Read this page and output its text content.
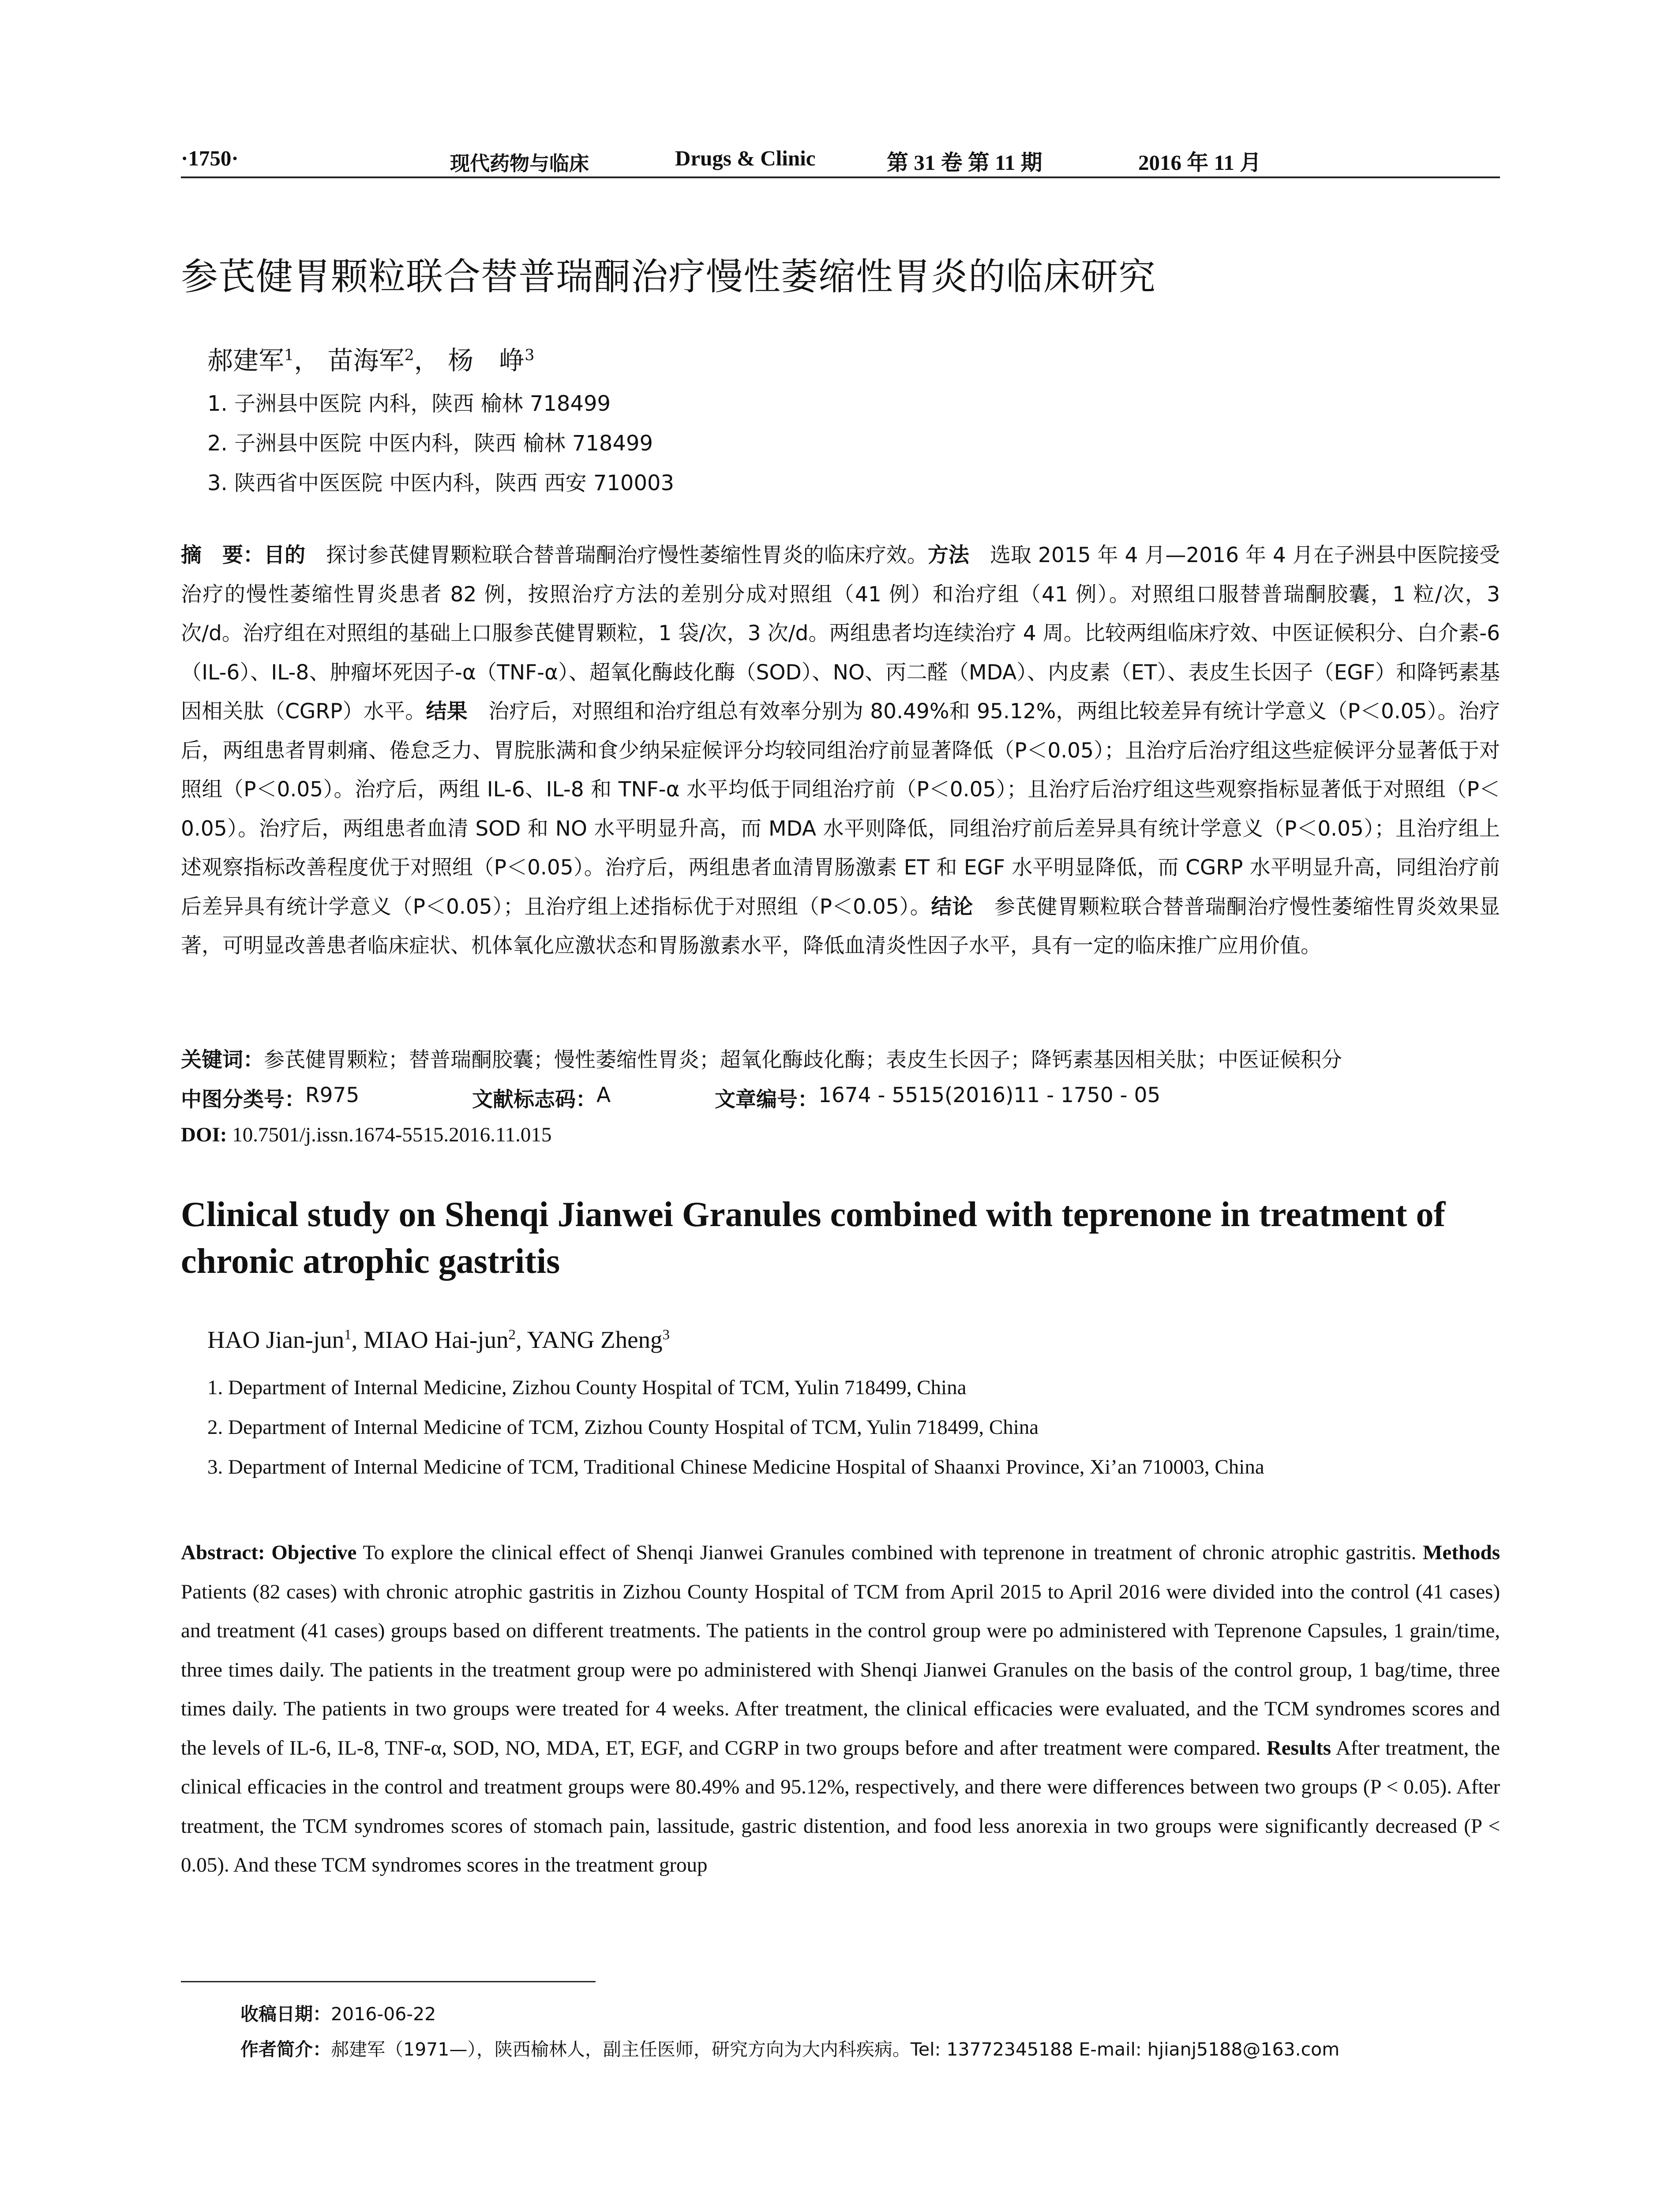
·1750·	现代药物与临床	Drugs & Clinic	第 31 卷 第 11 期	2016 年 11 月
参芪健胃颗粒联合替普瑞酮治疗慢性萎缩性胃炎的临床研究
郝建军$^1$， 苗海军$^2$， 杨　峥$^3$
1. 子洲县中医院 内科，陕西 榆林 718499
2. 子洲县中医院 中医内科，陕西 榆林 718499
3. 陕西省中医医院 中医内科，陕西 西安 710003
摘　要：目的　探讨参芪健胃颗粒联合替普瑞酮治疗慢性萎缩性胃炎的临床疗效。方法　选取 2015 年 4 月—2016 年 4 月在子洲县中医院接受治疗的慢性萎缩性胃炎患者 82 例，按照治疗方法的差别分成对照组（41 例）和治疗组（41 例）。对照组口服替普瑞酮胶囊，1 粒/次，3 次/d。治疗组在对照组的基础上口服参芪健胃颗粒，1 袋/次，3 次/d。两组患者均连续治疗 4 周。比较两组临床疗效、中医证候积分、白介素-6（IL-6）、IL-8、肿瘤坏死因子-α（TNF-α）、超氧化酶歧化酶（SOD）、NO、丙二醛（MDA）、内皮素（ET）、表皮生长因子（EGF）和降钙素基因相关肽（CGRP）水平。结果　治疗后，对照组和治疗组总有效率分别为 80.49%和 95.12%，两组比较差异有统计学意义（P＜0.05）。治疗后，两组患者胃刺痛、倦怠乏力、胃脘胀满和食少纳呆症候评分均较同组治疗前显著降低（P＜0.05）；且治疗后治疗组这些症候评分显著低于对照组（P＜0.05）。治疗后，两组 IL-6、IL-8 和 TNF-α 水平均低于同组治疗前（P＜0.05）；且治疗后治疗组这些观察指标显著低于对照组（P＜0.05）。治疗后，两组患者血清 SOD 和 NO 水平明显升高，而 MDA 水平则降低，同组治疗前后差异具有统计学意义（P＜0.05）；且治疗组上述观察指标改善程度优于对照组（P＜0.05）。治疗后，两组患者血清胃肠激素 ET 和 EGF 水平明显降低，而 CGRP 水平明显升高，同组治疗前后差异具有统计学意义（P＜0.05）；且治疗组上述指标优于对照组（P＜0.05）。结论　参芪健胃颗粒联合替普瑞酮治疗慢性萎缩性胃炎效果显著，可明显改善患者临床症状、机体氧化应激状态和胃肠激素水平，降低血清炎性因子水平，具有一定的临床推广应用价值。
关键词：参芪健胃颗粒；替普瑞酮胶囊；慢性萎缩性胃炎；超氧化酶歧化酶；表皮生长因子；降钙素基因相关肽；中医证候积分
中图分类号： R975	文献标志码： A	文章编号： 1674 - 5515(2016)11 - 1750 - 05
DOI: 10.7501/j.issn.1674-5515.2016.11.015
Clinical study on Shenqi Jianwei Granules combined with teprenone in treatment of chronic atrophic gastritis
HAO Jian-jun$^1$, MIAO Hai-jun$^2$, YANG Zheng$^3$
1. Department of Internal Medicine, Zizhou County Hospital of TCM, Yulin 718499, China
2. Department of Internal Medicine of TCM, Zizhou County Hospital of TCM, Yulin 718499, China
3. Department of Internal Medicine of TCM, Traditional Chinese Medicine Hospital of Shaanxi Province, Xi’an 710003, China
Abstract: Objective To explore the clinical effect of Shenqi Jianwei Granules combined with teprenone in treatment of chronic atrophic gastritis. Methods Patients (82 cases) with chronic atrophic gastritis in Zizhou County Hospital of TCM from April 2015 to April 2016 were divided into the control (41 cases) and treatment (41 cases) groups based on different treatments. The patients in the control group were po administered with Teprenone Capsules, 1 grain/time, three times daily. The patients in the treatment group were po administered with Shenqi Jianwei Granules on the basis of the control group, 1 bag/time, three times daily. The patients in two groups were treated for 4 weeks. After treatment, the clinical efficacies were evaluated, and the TCM syndromes scores and the levels of IL-6, IL-8, TNF-α, SOD, NO, MDA, ET, EGF, and CGRP in two groups before and after treatment were compared. Results After treatment, the clinical efficacies in the control and treatment groups were 80.49% and 95.12%, respectively, and there were differences between two groups (P < 0.05). After treatment, the TCM syndromes scores of stomach pain, lassitude, gastric distention, and food less anorexia in two groups were significantly decreased (P < 0.05). And these TCM syndromes scores in the treatment group
收稿日期：2016-06-22
作者简介：郝建军（1971—），陕西榆林人，副主任医师，研究方向为大内科疾病。Tel: 13772345188 E-mail: hjianj5188@163.com
